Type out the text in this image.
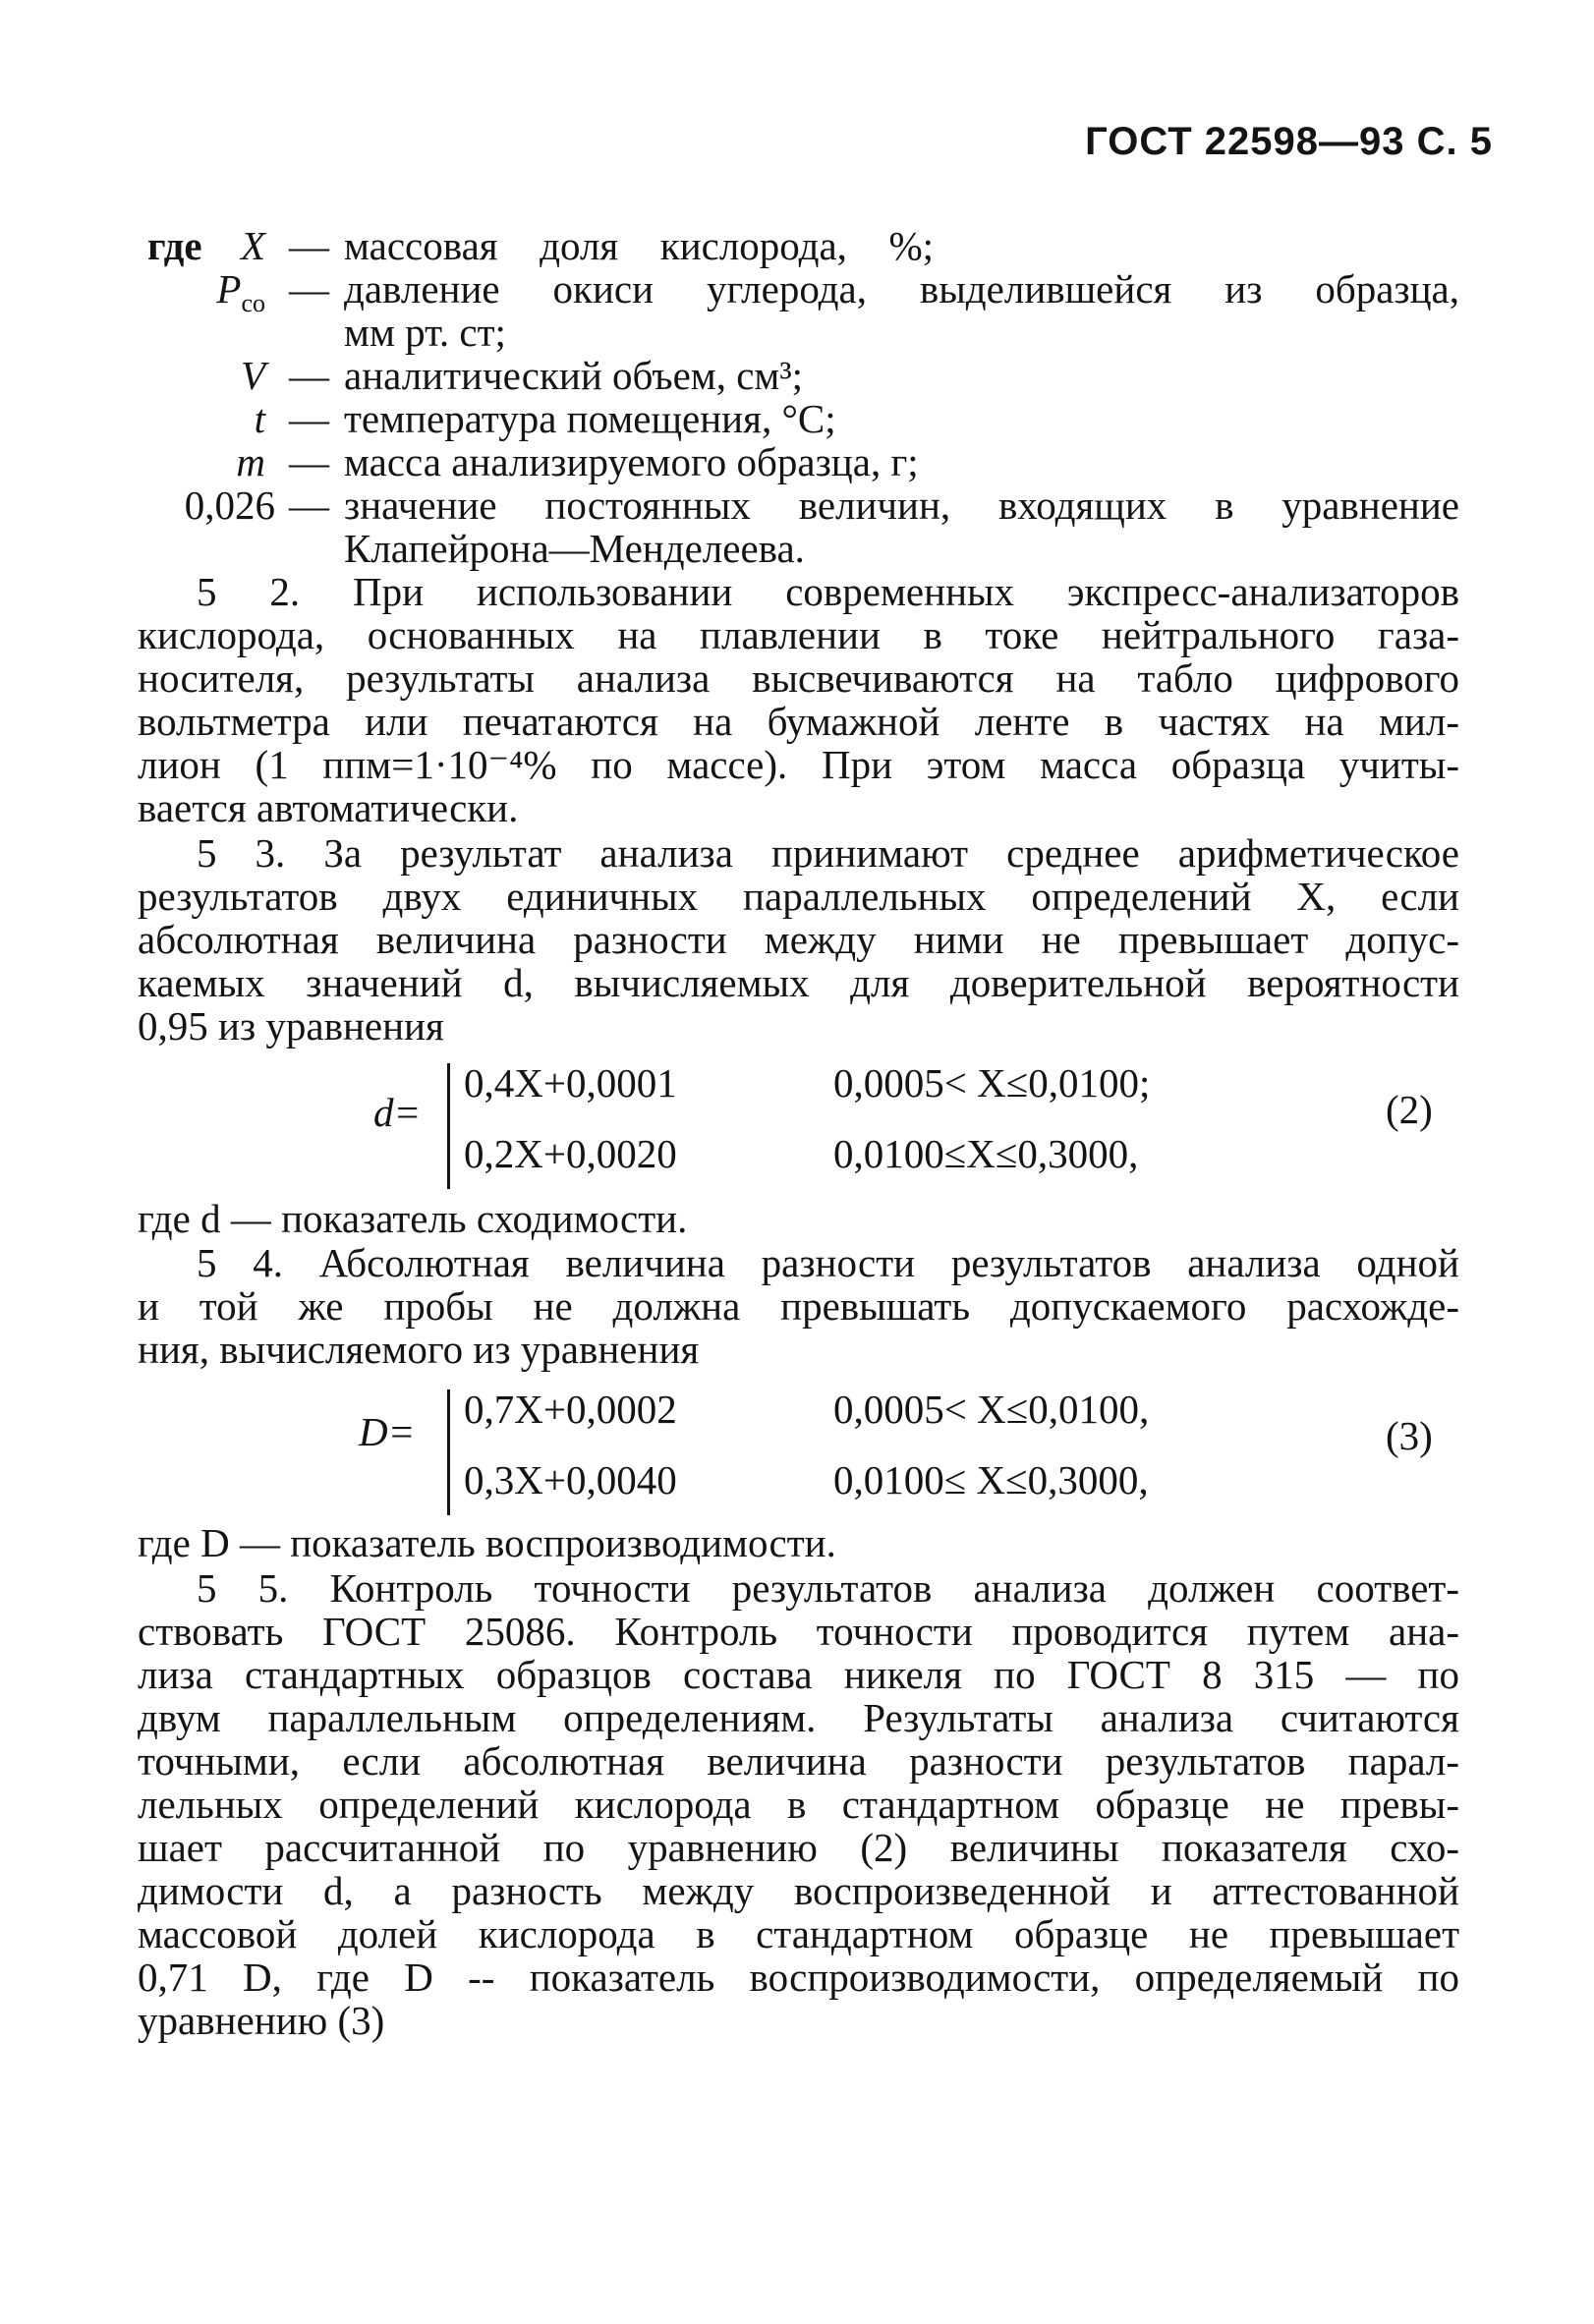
ГОСТ 22598—93 С. 5
где X — массовая доля кислорода, %;
$P_{co}$ — давление окиси углерода, выделившейся из образца,
мм рт. ст;
V — аналитический объем, см³;
t — температура помещения, °С;
m — масса анализируемого образца, г;
0,026 — значение постоянных величин, входящих в уравнение
Клапейрона—Менделеева.
5 2. При использовании современных экспресс-анализаторов
кислорода, основанных на плавлении в токе нейтрального газа-
носителя, результаты анализа высвечиваются на табло цифрового
вольтметра или печатаются на бумажной ленте в частях на мил-
лион (1 ппм=1·10⁻⁴% по массе). При этом масса образца учиты-
вается автоматически.
5 3. За результат анализа принимают среднее арифметическое
результатов двух единичных параллельных определений X, если
абсолютная величина разности между ними не превышает допус-
каемых значений d, вычисляемых для доверительной вероятности
0,95 из уравнения
d=
0,4X+0,0001	0,0005< X≤0,0100;
0,2X+0,0020	0,0100≤X≤0,3000,
(2)
где d — показатель сходимости.
5 4. Абсолютная величина разности результатов анализа одной
и той же пробы не должна превышать допускаемого расхожде-
ния, вычисляемого из уравнения
D= 0,7X+0,0002	0,0005< X≤0,0100,
0,3X+0,0040	0,0100≤ X≤0,3000,
(3)
где D — показатель воспроизводимости.
5 5. Контроль точности результатов анализа должен соответ-
ствовать ГОСТ 25086. Контроль точности проводится путем ана-
лиза стандартных образцов состава никеля по ГОСТ 8 315 — по
двум параллельным определениям. Результаты анализа считаются
точными, если абсолютная величина разности результатов парал-
лельных определений кислорода в стандартном образце не превы-
шает рассчитанной по уравнению (2) величины показателя схо-
димости d, а разность между воспроизведенной и аттестованной
массовой долей кислорода в стандартном образце не превышает
0,71 D, где D -- показатель воспроизводимости, определяемый по
уравнению (3)
